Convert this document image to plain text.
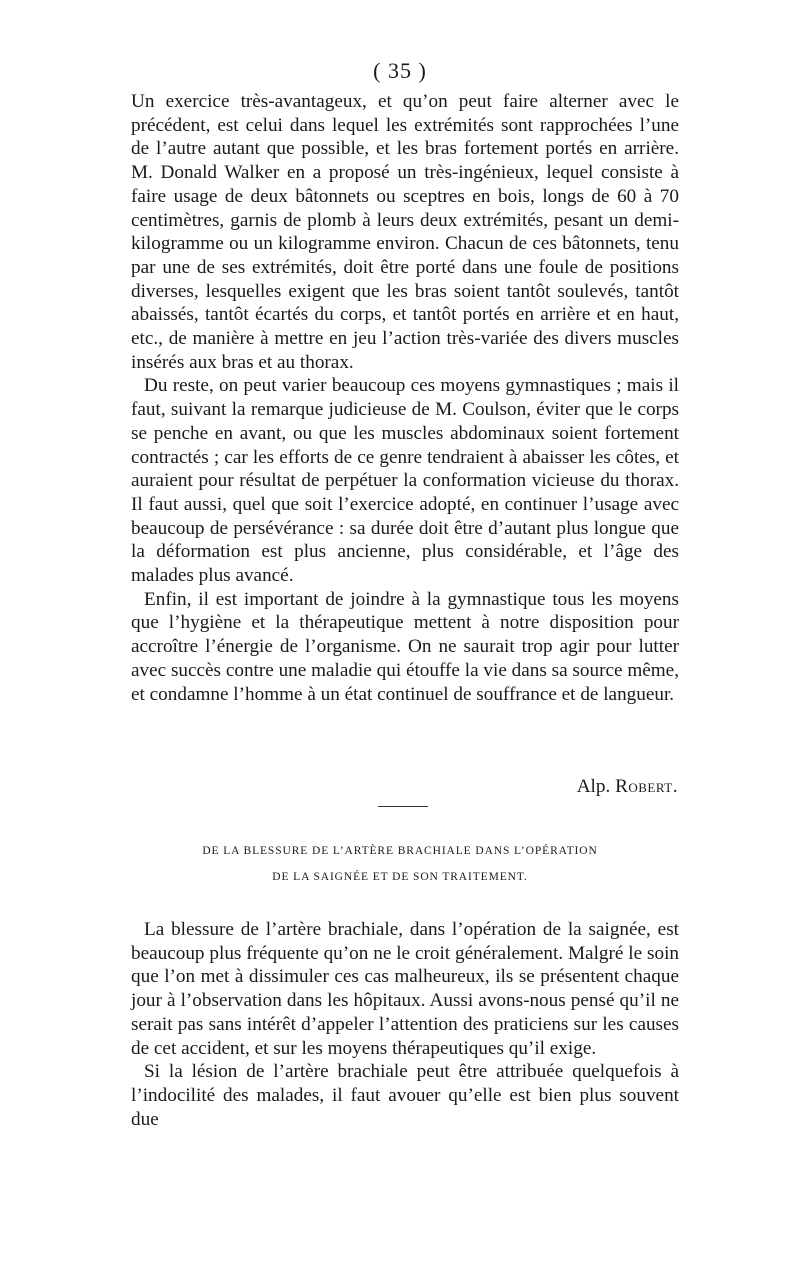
( 35 )

Un exercice très-avantageux, et qu’on peut faire alterner avec le précédent, est celui dans lequel les extrémités sont rapprochées l’une de l’autre autant que possible, et les bras fortement portés en arrière. M. Donald Walker en a proposé un très-ingénieux, lequel consiste à faire usage de deux bâtonnets ou sceptres en bois, longs de 60 à 70 centimètres, garnis de plomb à leurs deux extrémités, pesant un demi-kilogramme ou un kilogramme environ. Chacun de ces bâtonnets, tenu par une de ses extrémités, doit être porté dans une foule de positions diverses, lesquelles exigent que les bras soient tantôt soulevés, tantôt abaissés, tantôt écartés du corps, et tantôt portés en arrière et en haut, etc., de manière à mettre en jeu l’action très-variée des divers muscles insérés aux bras et au thorax.

Du reste, on peut varier beaucoup ces moyens gymnastiques ; mais il faut, suivant la remarque judicieuse de M. Coulson, éviter que le corps se penche en avant, ou que les muscles abdominaux soient fortement contractés ; car les efforts de ce genre tendraient à abaisser les côtes, et auraient pour résultat de perpétuer la conformation vicieuse du thorax. Il faut aussi, quel que soit l’exercice adopté, en continuer l’usage avec beaucoup de persévérance : sa durée doit être d’autant plus longue que la déformation est plus ancienne, plus considérable, et l’âge des malades plus avancé.

Enfin, il est important de joindre à la gymnastique tous les moyens que l’hygiène et la thérapeutique mettent à notre disposition pour accroître l’énergie de l’organisme. On ne saurait trop agir pour lutter avec succès contre une maladie qui étouffe la vie dans sa source même, et condamne l’homme à un état continuel de souffrance et de langueur.

Alp. Robert.
DE LA BLESSURE DE L’ARTÈRE BRACHIALE DANS L’OPÉRATION
DE LA SAIGNÉE ET DE SON TRAITEMENT.

La blessure de l’artère brachiale, dans l’opération de la saignée, est beaucoup plus fréquente qu’on ne le croit généralement. Malgré le soin que l’on met à dissimuler ces cas malheureux, ils se présentent chaque jour à l’observation dans les hôpitaux. Aussi avons-nous pensé qu’il ne serait pas sans intérêt d’appeler l’attention des praticiens sur les causes de cet accident, et sur les moyens thérapeutiques qu’il exige.

Si la lésion de l’artère brachiale peut être attribuée quelquefois à l’indocilité des malades, il faut avouer qu’elle est bien plus souvent due
